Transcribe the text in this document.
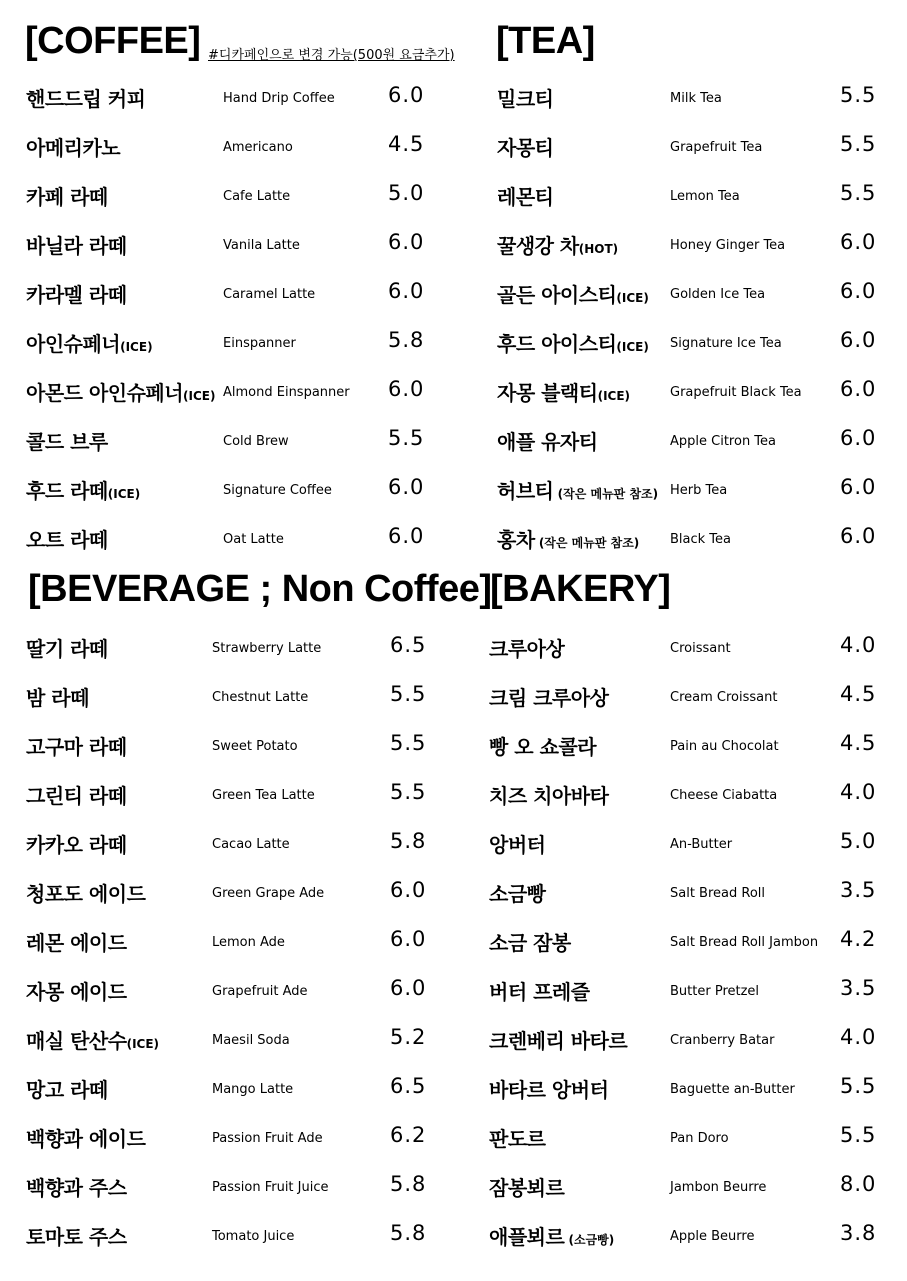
[COFFEE] #디카페인으로 변경 가능(500원 요금추가) [TEA]
[BEVERAGE ; Non Coffee]
[BAKERY]
핸드드립 커피	Hand Drip Coffee	6.0
아메리카노	Americano	4.5
카페 라떼	Cafe Latte	5.0
바닐라 라떼	Vanila Latte	6.0
카라멜 라떼	Caramel Latte	6.0
아인슈페너(ICE)	Einspanner	5.8
아몬드 아인슈페너(ICE) Almond Einspanner 6.0
콜드 브루	Cold Brew	5.5
후드 라떼(ICE)	Signature Coffee	6.0
오트 라떼	Oat Latte	6.0
밀크티	Milk Tea	5.5
자몽티	Grapefruit Tea	5.5
레몬티	Lemon Tea	5.5
꿀생강 차(HOT)	Honey Ginger Tea	6.0
골든 아이스티(ICE) Golden Ice Tea	6.0
후드 아이스티(ICE) Signature Ice Tea	6.0
자몽 블랙티(ICE)	Grapefruit Black Tea 6.0
애플 유자티	Apple Citron Tea	6.0
허브티 (작은 메뉴판 참조) Herb Tea	6.0
홍차 (작은 메뉴판 참조) Black Tea	6.0
딸기 라떼	Strawberry Latte	6.5
밤 라떼	Chestnut Latte	5.5
고구마 라떼	Sweet Potato	5.5
그린티 라떼	Green Tea Latte	5.5
카카오 라떼	Cacao Latte	5.8
청포도 에이드	Green Grape Ade	6.0
레몬 에이드	Lemon Ade	6.0
자몽 에이드	Grapefruit Ade	6.0
매실 탄산수(ICE)	Maesil Soda	5.2
망고 라떼	Mango Latte	6.5
백향과 에이드	Passion Fruit Ade	6.2
백향과 주스	Passion Fruit Juice	5.8
토마토 주스	Tomato Juice	5.8
크루아상	Croissant	4.0
크림 크루아상	Cream Croissant	4.5
빵 오 쇼콜라	Pain au Chocolat	4.5
치즈 치아바타	Cheese Ciabatta	4.0
앙버터	An-Butter	5.0
소금빵	Salt Bread Roll	3.5
소금 잠봉	Salt Bread Roll Jambon 4.2
버터 프레즐	Butter Pretzel	3.5
크렌베리 바타르	Cranberry Batar	4.0
바타르 앙버터	Baguette an-Butter 5.5
판도르	Pan Doro	5.5
잠봉뵈르	Jambon Beurre	8.0
애플뵈르 (소금빵)	Apple Beurre	3.8
